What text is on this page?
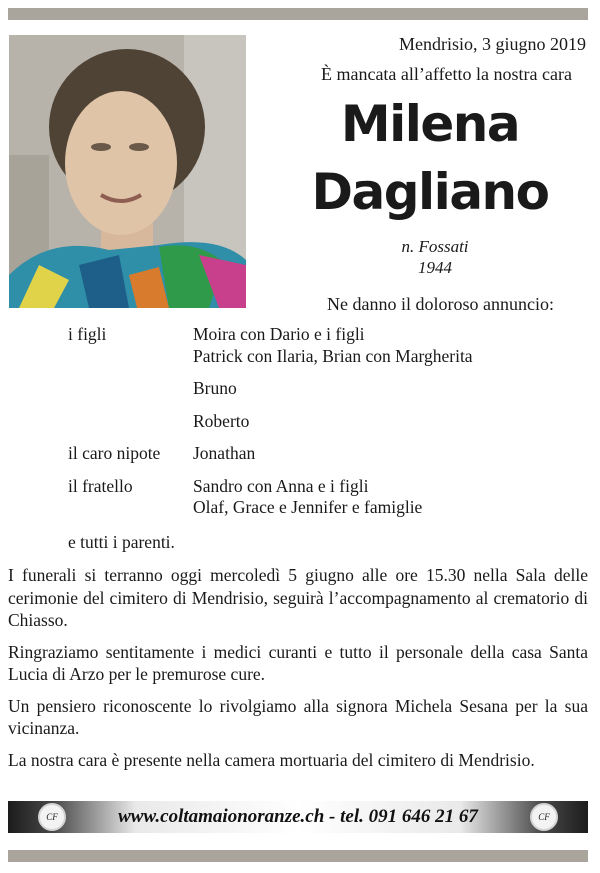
Mendrisio, 3 giugno 2019
È mancata all’affetto la nostra cara
Milena
Dagliano
n. Fossati
1944
Ne danno il doloroso annuncio:
i figli	Moira con Dario e i figli
Patrick con Ilaria, Brian con Margherita
Bruno
Roberto
il caro nipote	Jonathan
il fratello	Sandro con Anna e i figli
Olaf, Grace e Jennifer e famiglie
e tutti i parenti.

I funerali si terranno oggi mercoledì 5 giugno alle ore 15.30 nella Sala delle cerimonie del cimitero di Mendrisio, seguirà l’accompagnamento al crematorio di Chiasso.

Ringraziamo sentitamente i medici curanti e tutto il personale della casa Santa Lucia di Arzo per le premurose cure.

Un pensiero riconoscente lo rivolgiamo alla signora Michela Sesana per la sua vicinanza.

La nostra cara è presente nella camera mortuaria del cimitero di Mendrisio.

CF	www.coltamaionoranze.ch - tel. 091 646 21 67	CF
